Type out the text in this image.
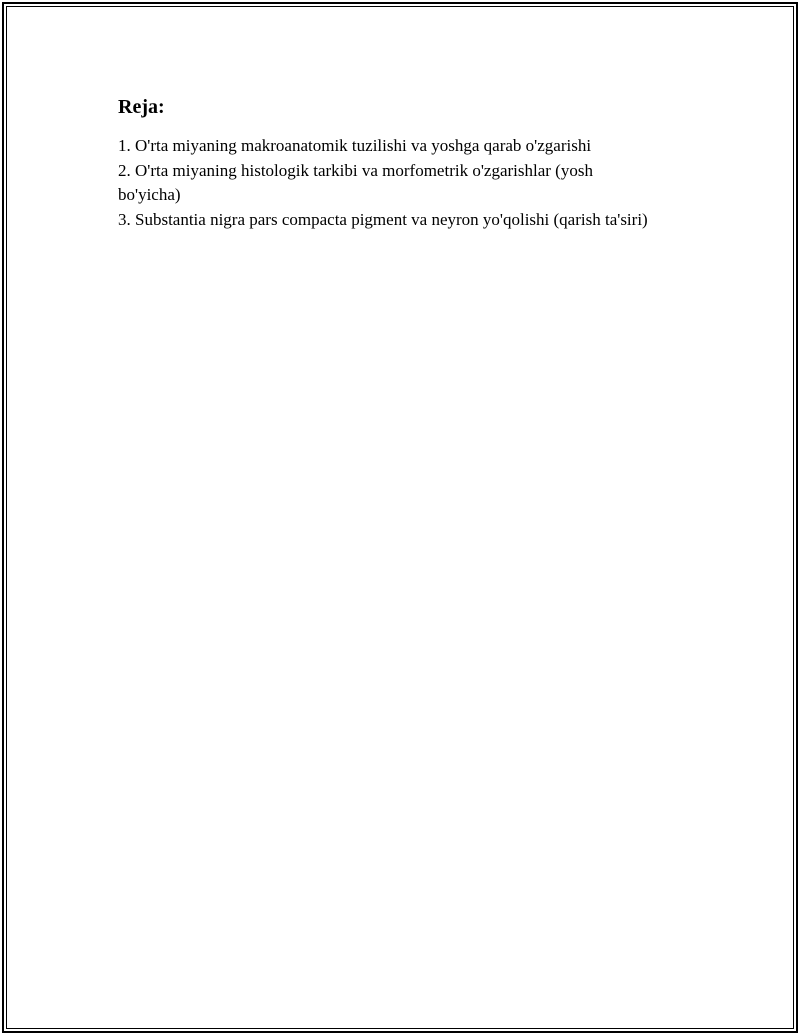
Reja:
1. O'rta miyaning makroanatomik tuzilishi va yoshga qarab o'zgarishi
2. O'rta miyaning histologik tarkibi va morfometrik o'zgarishlar (yosh bo'yicha)
3. Substantia nigra pars compacta pigment va neyron yo'qolishi (qarish ta'siri)
